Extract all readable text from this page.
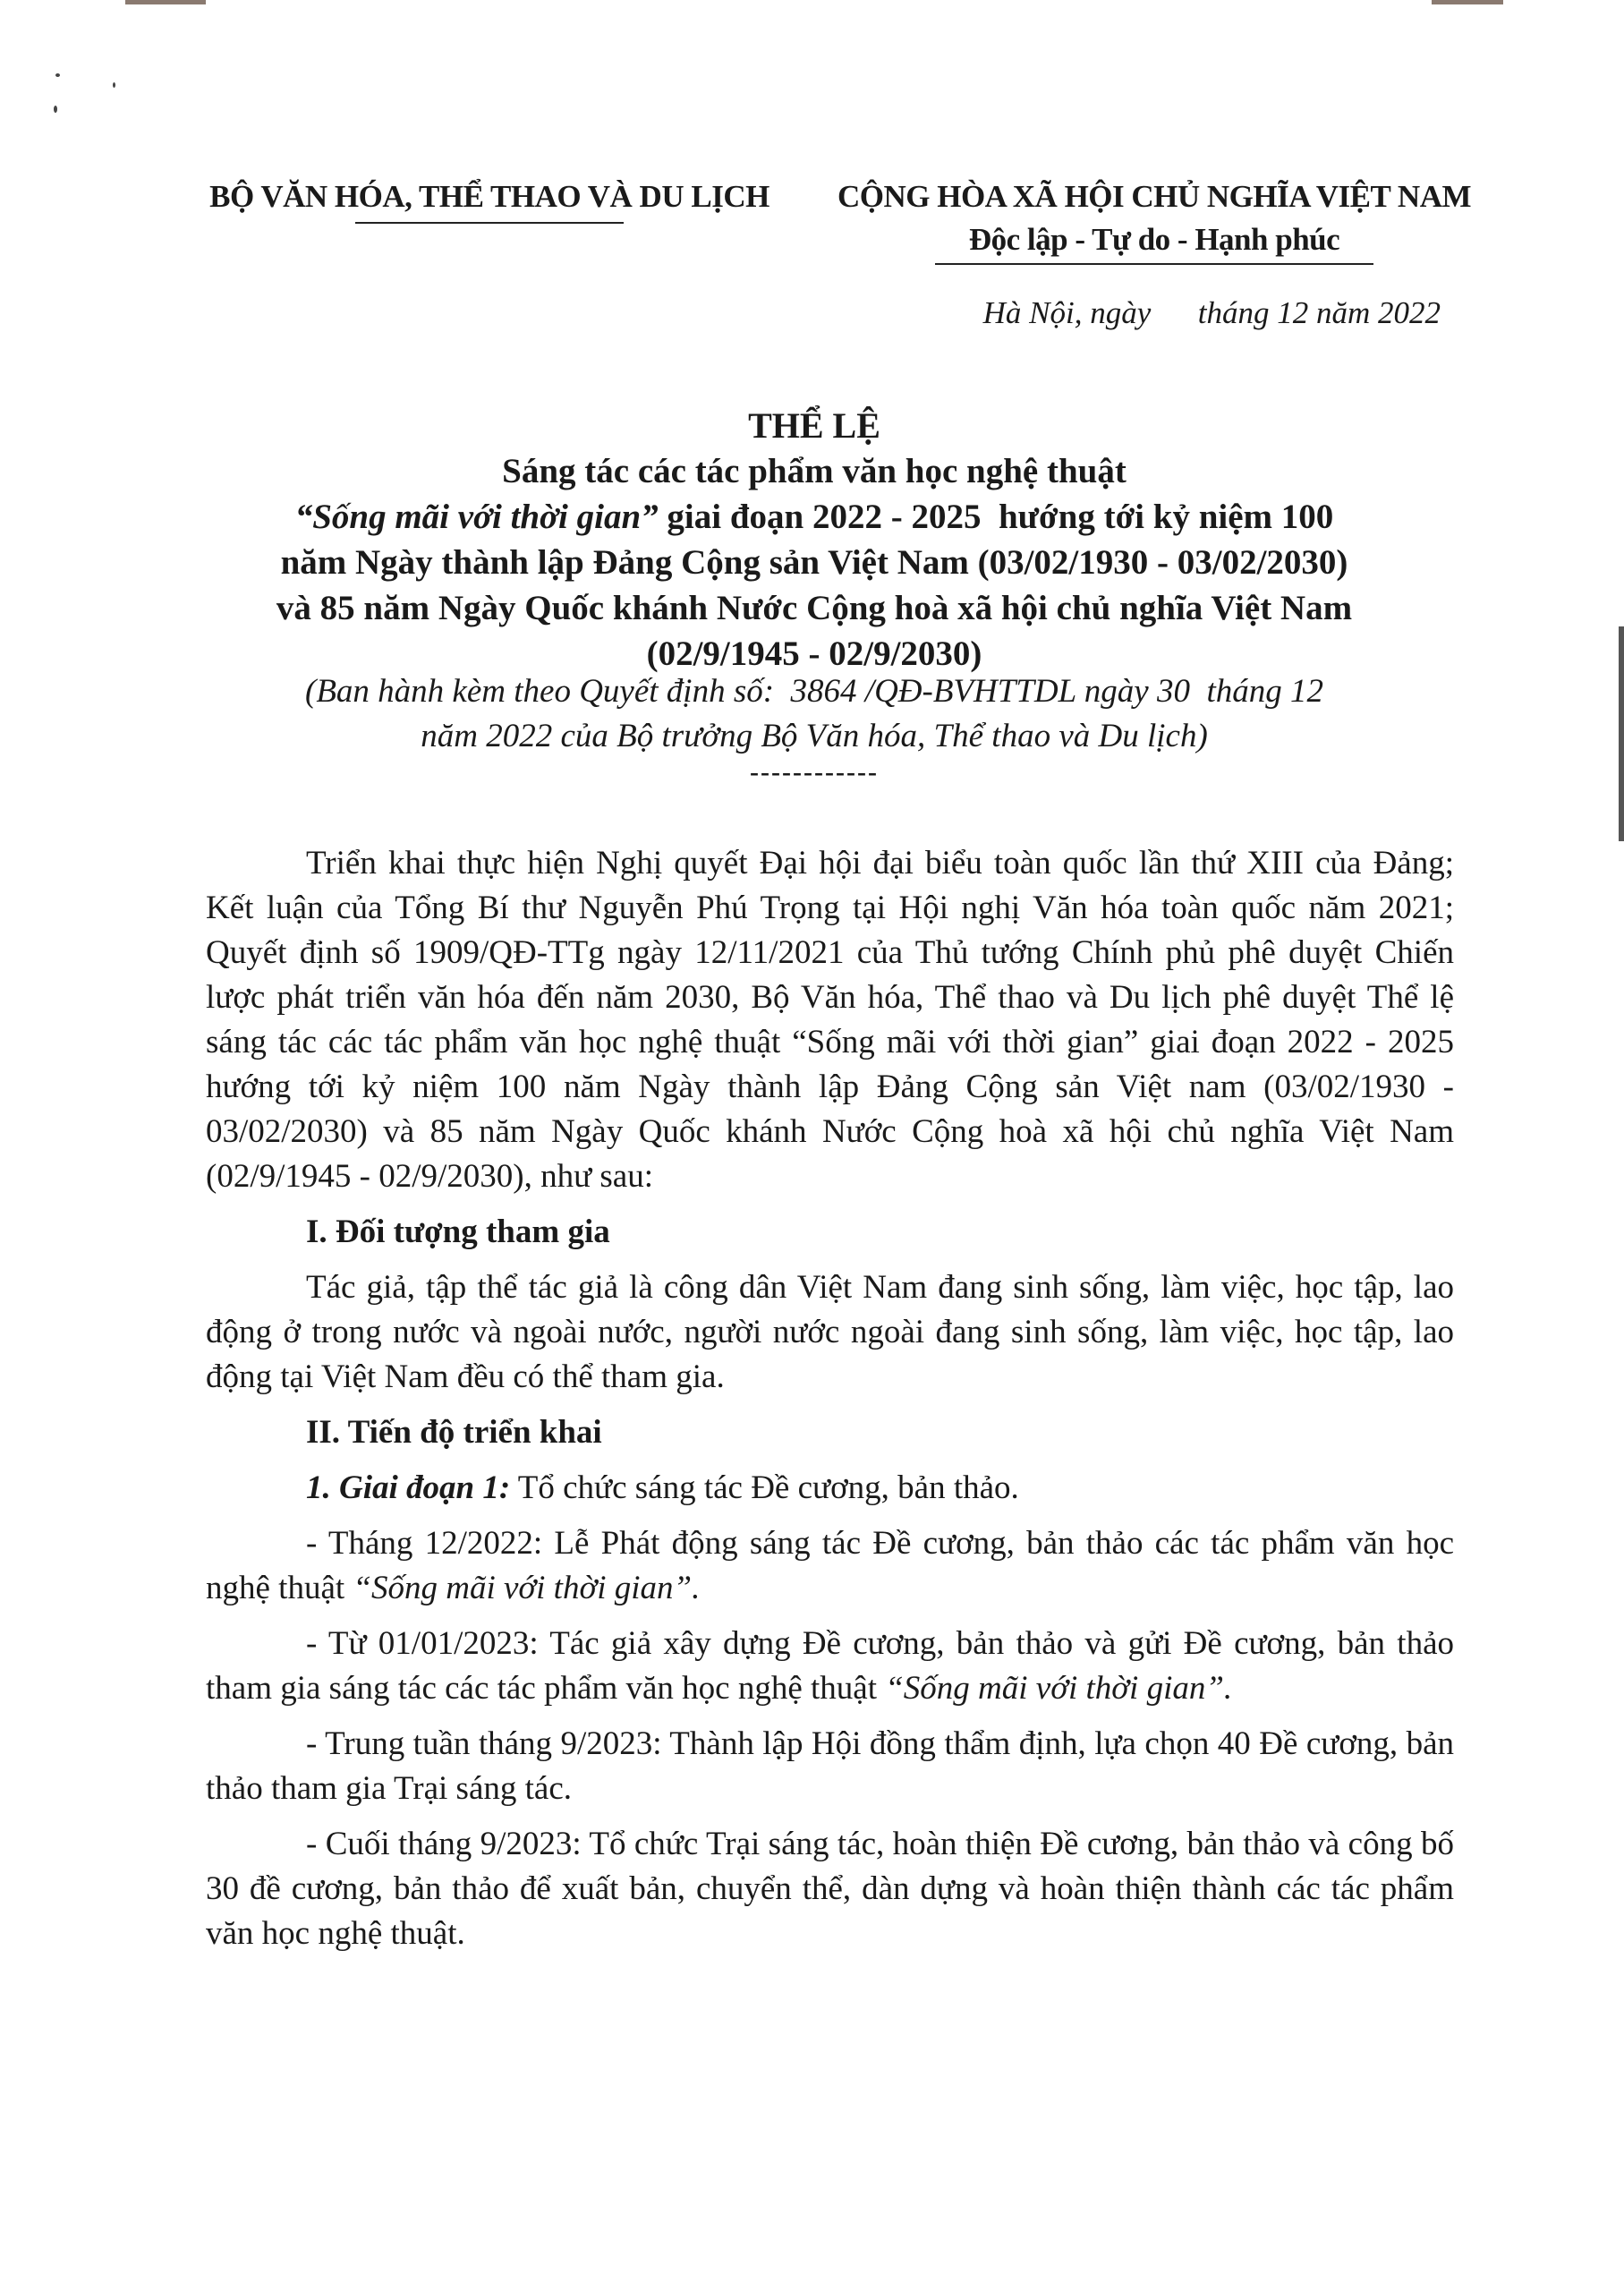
BỘ VĂN HÓA, THỂ THAO VÀ DU LỊCH	CỘNG HÒA XÃ HỘI CHỦ NGHĨA VIỆT NAM
Độc lập - Tự do - Hạnh phúc
Hà Nội, ngày      tháng 12 năm 2022
THỂ LỆ
Sáng tác các tác phẩm văn học nghệ thuật
“Sống mãi với thời gian” giai đoạn 2022 - 2025  hướng tới kỷ niệm 100
năm Ngày thành lập Đảng Cộng sản Việt Nam (03/02/1930 - 03/02/2030)
và 85 năm Ngày Quốc khánh Nước Cộng hoà xã hội chủ nghĩa Việt Nam
(02/9/1945 - 02/9/2030)
(Ban hành kèm theo Quyết định số:  3864 /QĐ-BVHTTDL ngày 30  tháng 12
năm 2022 của Bộ trưởng Bộ Văn hóa, Thể thao và Du lịch)
------------

Triển khai thực hiện Nghị quyết Đại hội đại biểu toàn quốc lần thứ XIII của Đảng; Kết luận của Tổng Bí thư Nguyễn Phú Trọng tại Hội nghị Văn hóa toàn quốc năm 2021; Quyết định số 1909/QĐ-TTg ngày 12/11/2021 của Thủ tướng Chính phủ phê duyệt Chiến lược phát triển văn hóa đến năm 2030, Bộ Văn hóa, Thể thao và Du lịch phê duyệt Thể lệ sáng tác các tác phẩm văn học nghệ thuật “Sống mãi với thời gian” giai đoạn 2022 - 2025 hướng tới kỷ niệm 100 năm Ngày thành lập Đảng Cộng sản Việt nam (03/02/1930 - 03/02/2030) và 85 năm Ngày Quốc khánh Nước Cộng hoà xã hội chủ nghĩa Việt Nam (02/9/1945 - 02/9/2030), như sau:

I. Đối tượng tham gia

Tác giả, tập thể tác giả là công dân Việt Nam đang sinh sống, làm việc, học tập, lao động ở trong nước và ngoài nước, người nước ngoài đang sinh sống, làm việc, học tập, lao động tại Việt Nam đều có thể tham gia.

II. Tiến độ triển khai

1. Giai đoạn 1: Tổ chức sáng tác Đề cương, bản thảo.

- Tháng 12/2022: Lễ Phát động sáng tác Đề cương, bản thảo các tác phẩm văn học nghệ thuật “Sống mãi với thời gian”.

- Từ 01/01/2023: Tác giả xây dựng Đề cương, bản thảo và gửi Đề cương, bản thảo tham gia sáng tác các tác phẩm văn học nghệ thuật “Sống mãi với thời gian”.

- Trung tuần tháng 9/2023: Thành lập Hội đồng thẩm định, lựa chọn 40 Đề cương, bản thảo tham gia Trại sáng tác.

- Cuối tháng 9/2023: Tổ chức Trại sáng tác, hoàn thiện Đề cương, bản thảo và công bố 30 đề cương, bản thảo để xuất bản, chuyển thể, dàn dựng và hoàn thiện thành các tác phẩm văn học nghệ thuật.
